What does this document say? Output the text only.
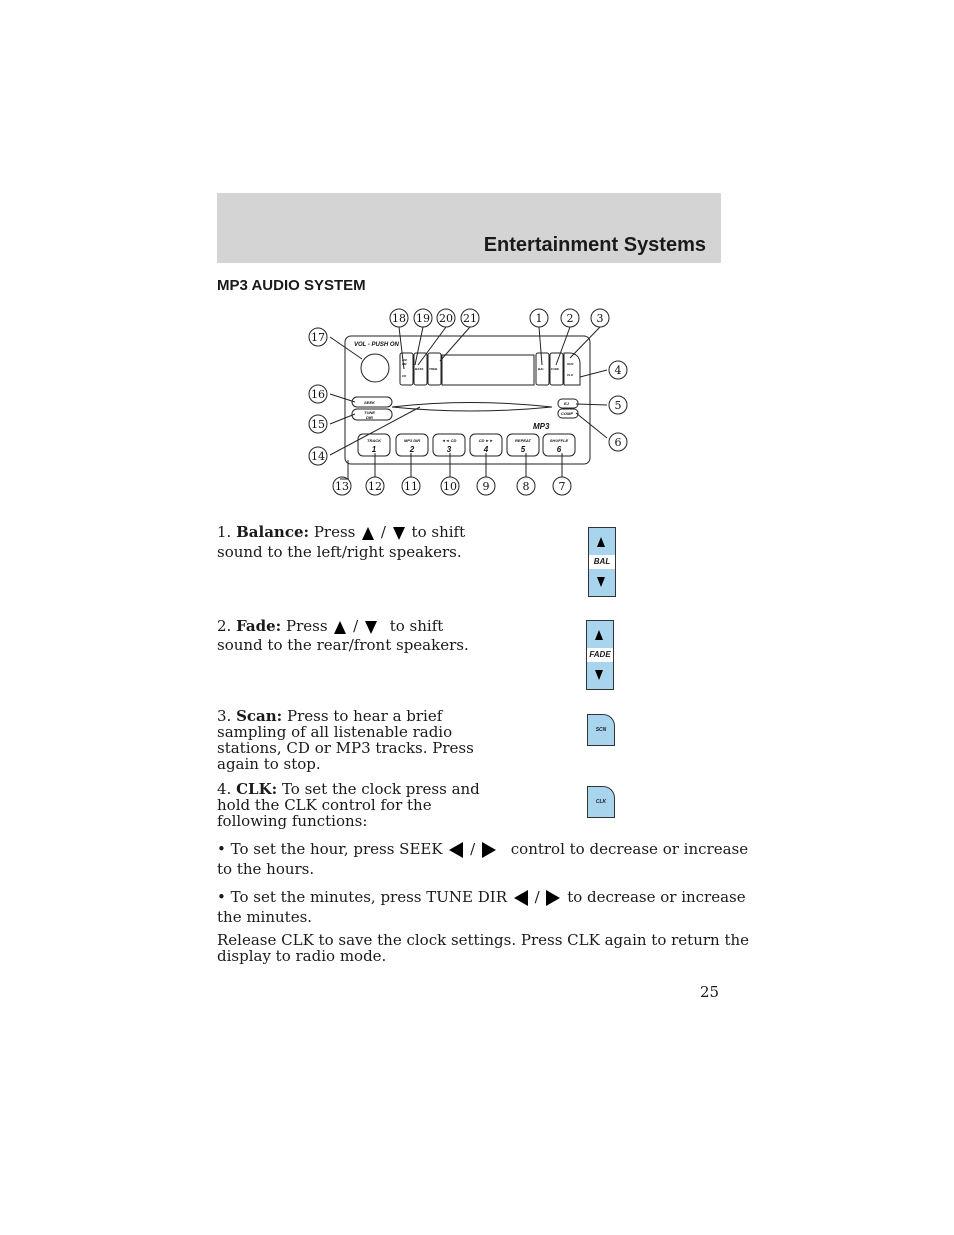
Entertainment Systems
MP3 AUDIO SYSTEM
VOL - PUSH ON
MP3
SEEK
TUNE
DIR
AM
FM
CD
BASS TREB	BAL FADE
SCN
CLK
EJ
COMP
TRACK	MP3 DIR	◄◄ CD	CD ►►	REPEAT	SHUFFLE
1	2	3	4	5	6
18 19 20 21	1 2 3
17
16
15
14
4
5
6
13 12 11 10 9	8	7
1. Balance: Press / to shift
sound to the left/right speakers.
BAL
2. Fade: Press / to shift
sound to the rear/front speakers.
FADE
3. Scan: Press to hear a brief
sampling of all listenable radio
stations, CD or MP3 tracks. Press
again to stop.
SCN
4. CLK: To set the clock press and
hold the CLK control for the
following functions:
CLK
• To set the hour, press SEEK / control to decrease or increase
to the hours.
• To set the minutes, press TUNE DIR / to decrease or increase
the minutes.
Release CLK to save the clock settings. Press CLK again to return the
display to radio mode.
25
